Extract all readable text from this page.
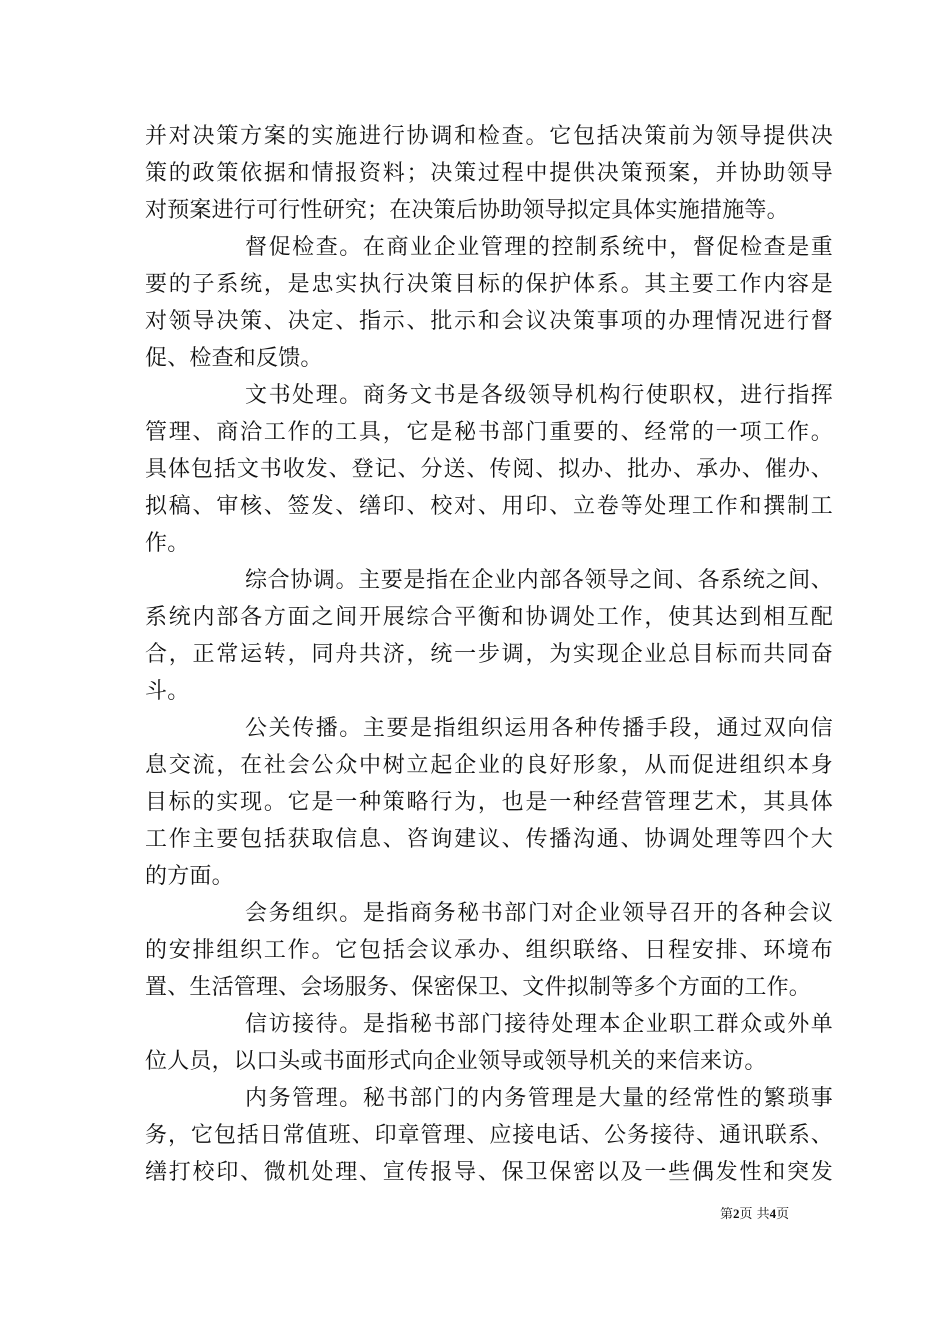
并对决策方案的实施进行协调和检查。它包括决策前为领导提供决
策的政策依据和情报资料；决策过程中提供决策预案，并协助领导
对预案进行可行性研究；在决策后协助领导拟定具体实施措施等。
督促检查。在商业企业管理的控制系统中，督促检查是重
要的子系统，是忠实执行决策目标的保护体系。其主要工作内容是
对领导决策、决定、指示、批示和会议决策事项的办理情况进行督
促、检查和反馈。
文书处理。商务文书是各级领导机构行使职权，进行指挥
管理、商洽工作的工具，它是秘书部门重要的、经常的一项工作。
具体包括文书收发、登记、分送、传阅、拟办、批办、承办、催办、
拟稿、审核、签发、缮印、校对、用印、立卷等处理工作和撰制工
作。
综合协调。主要是指在企业内部各领导之间、各系统之间、
系统内部各方面之间开展综合平衡和协调处工作，使其达到相互配
合，正常运转，同舟共济，统一步调，为实现企业总目标而共同奋
斗。
公关传播。主要是指组织运用各种传播手段，通过双向信
息交流，在社会公众中树立起企业的良好形象，从而促进组织本身
目标的实现。它是一种策略行为，也是一种经营管理艺术，其具体
工作主要包括获取信息、咨询建议、传播沟通、协调处理等四个大
的方面。
会务组织。是指商务秘书部门对企业领导召开的各种会议
的安排组织工作。它包括会议承办、组织联络、日程安排、环境布
置、生活管理、会场服务、保密保卫、文件拟制等多个方面的工作。
信访接待。是指秘书部门接待处理本企业职工群众或外单
位人员，以口头或书面形式向企业领导或领导机关的来信来访。
内务管理。秘书部门的内务管理是大量的经常性的繁琐事
务，它包括日常值班、印章管理、应接电话、公务接待、通讯联系、
缮打校印、微机处理、宣传报导、保卫保密以及一些偶发性和突发
第2页 共4页
